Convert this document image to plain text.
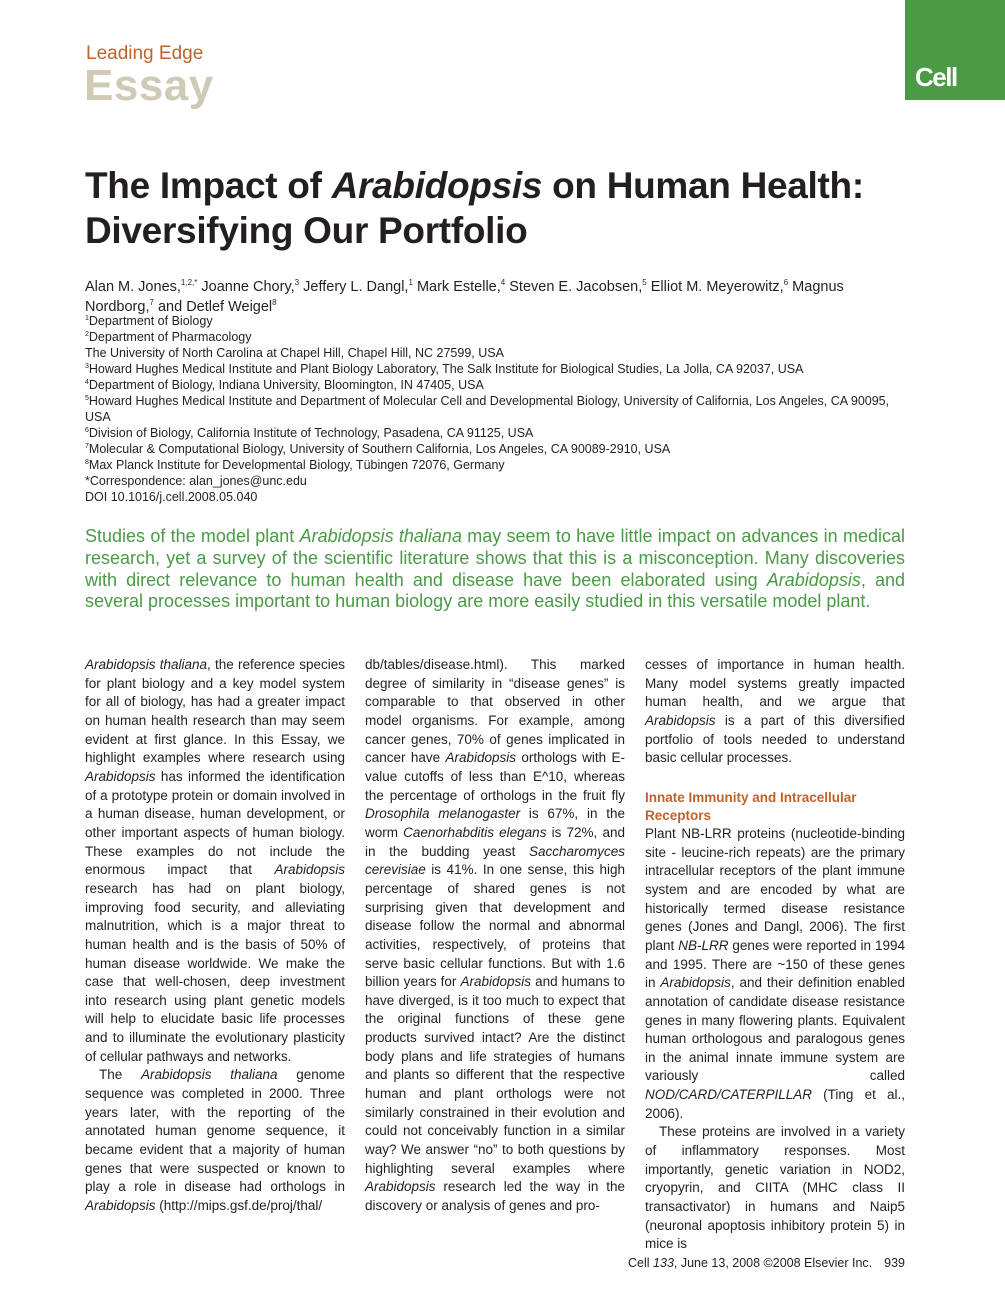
Leading Edge
Essay	Cell
The Impact of Arabidopsis on Human Health: Diversifying Our Portfolio
Alan M. Jones,$^{1,2,*}$ Joanne Chory,$^3$ Jeffery L. Dangl,$^1$ Mark Estelle,$^4$ Steven E. Jacobsen,$^5$ Elliot M. Meyerowitz,$^6$ Magnus Nordborg,$^7$ and Detlef Weigel$^8$
$^1$Department of Biology
$^2$Department of Pharmacology
The University of North Carolina at Chapel Hill, Chapel Hill, NC 27599, USA
$^3$Howard Hughes Medical Institute and Plant Biology Laboratory, The Salk Institute for Biological Studies, La Jolla, CA 92037, USA
$^4$Department of Biology, Indiana University, Bloomington, IN 47405, USA
$^5$Howard Hughes Medical Institute and Department of Molecular Cell and Developmental Biology, University of California, Los Angeles, CA 90095, USA
$^6$Division of Biology, California Institute of Technology, Pasadena, CA 91125, USA
$^7$Molecular & Computational Biology, University of Southern California, Los Angeles, CA 90089-2910, USA
$^8$Max Planck Institute for Developmental Biology, Tübingen 72076, Germany
*Correspondence: alan_jones@unc.edu
DOI 10.1016/j.cell.2008.05.040
Studies of the model plant Arabidopsis thaliana may seem to have little impact on advances in medical research, yet a survey of the scientific literature shows that this is a misconception. Many discoveries with direct relevance to human health and disease have been elaborated using Arabidopsis, and several processes important to human biology are more easily studied in this versatile model plant.

Arabidopsis thaliana, the reference species for plant biology and a key model system for all of biology, has had a greater impact on human health research than may seem evident at first glance. In this Essay, we highlight examples where research using Arabidopsis has informed the identification of a prototype protein or domain involved in a human disease, human development, or other important aspects of human biology. These examples do not include the enormous impact that Arabidopsis research has had on plant biology, improving food security, and alleviating malnutrition, which is a major threat to human health and is the basis of 50% of human disease worldwide. We make the case that well-chosen, deep investment into research using plant genetic models will help to elucidate basic life processes and to illuminate the evolutionary plasticity of cellular pathways and networks.

The Arabidopsis thaliana genome sequence was completed in 2000. Three years later, with the reporting of the annotated human genome sequence, it became evident that a majority of human genes that were suspected or known to play a role in disease had orthologs in Arabidopsis (http://mips.gsf.de/proj/thal/

db/tables/disease.html). This marked degree of similarity in “disease genes” is comparable to that observed in other model organisms. For example, among cancer genes, 70% of genes implicated in cancer have Arabidopsis orthologs with E-value cutoffs of less than E^10, whereas the percentage of orthologs in the fruit fly Drosophila melanogaster is 67%, in the worm Caenorhabditis elegans is 72%, and in the budding yeast Saccharomyces cerevisiae is 41%. In one sense, this high percentage of shared genes is not surprising given that development and disease follow the normal and abnormal activities, respectively, of proteins that serve basic cellular functions. But with 1.6 billion years for Arabidopsis and humans to have diverged, is it too much to expect that the original functions of these gene products survived intact? Are the distinct body plans and life strategies of humans and plants so different that the respective human and plant orthologs were not similarly constrained in their evolution and could not conceivably function in a similar way? We answer “no” to both questions by highlighting several examples where Arabidopsis research led the way in the discovery or analysis of genes and pro-

cesses of importance in human health. Many model systems greatly impacted human health, and we argue that Arabidopsis is a part of this diversified portfolio of tools needed to understand basic cellular processes.

Innate Immunity and Intracellular Receptors

Plant NB-LRR proteins (nucleotide-binding site - leucine-rich repeats) are the primary intracellular receptors of the plant immune system and are encoded by what are historically termed disease resistance genes (Jones and Dangl, 2006). The first plant NB-LRR genes were reported in 1994 and 1995. There are ~150 of these genes in Arabidopsis, and their definition enabled annotation of candidate disease resistance genes in many flowering plants. Equivalent human orthologous and paralogous genes in the animal innate immune system are variously called NOD/CARD/CATERPILLAR (Ting et al., 2006).

These proteins are involved in a variety of inflammatory responses. Most importantly, genetic variation in NOD2, cryopyrin, and CIITA (MHC class II transactivator) in humans and Naip5 (neuronal apoptosis inhibitory protein 5) in mice is

Cell 133, June 13, 2008 ©2008 Elsevier Inc. 939
